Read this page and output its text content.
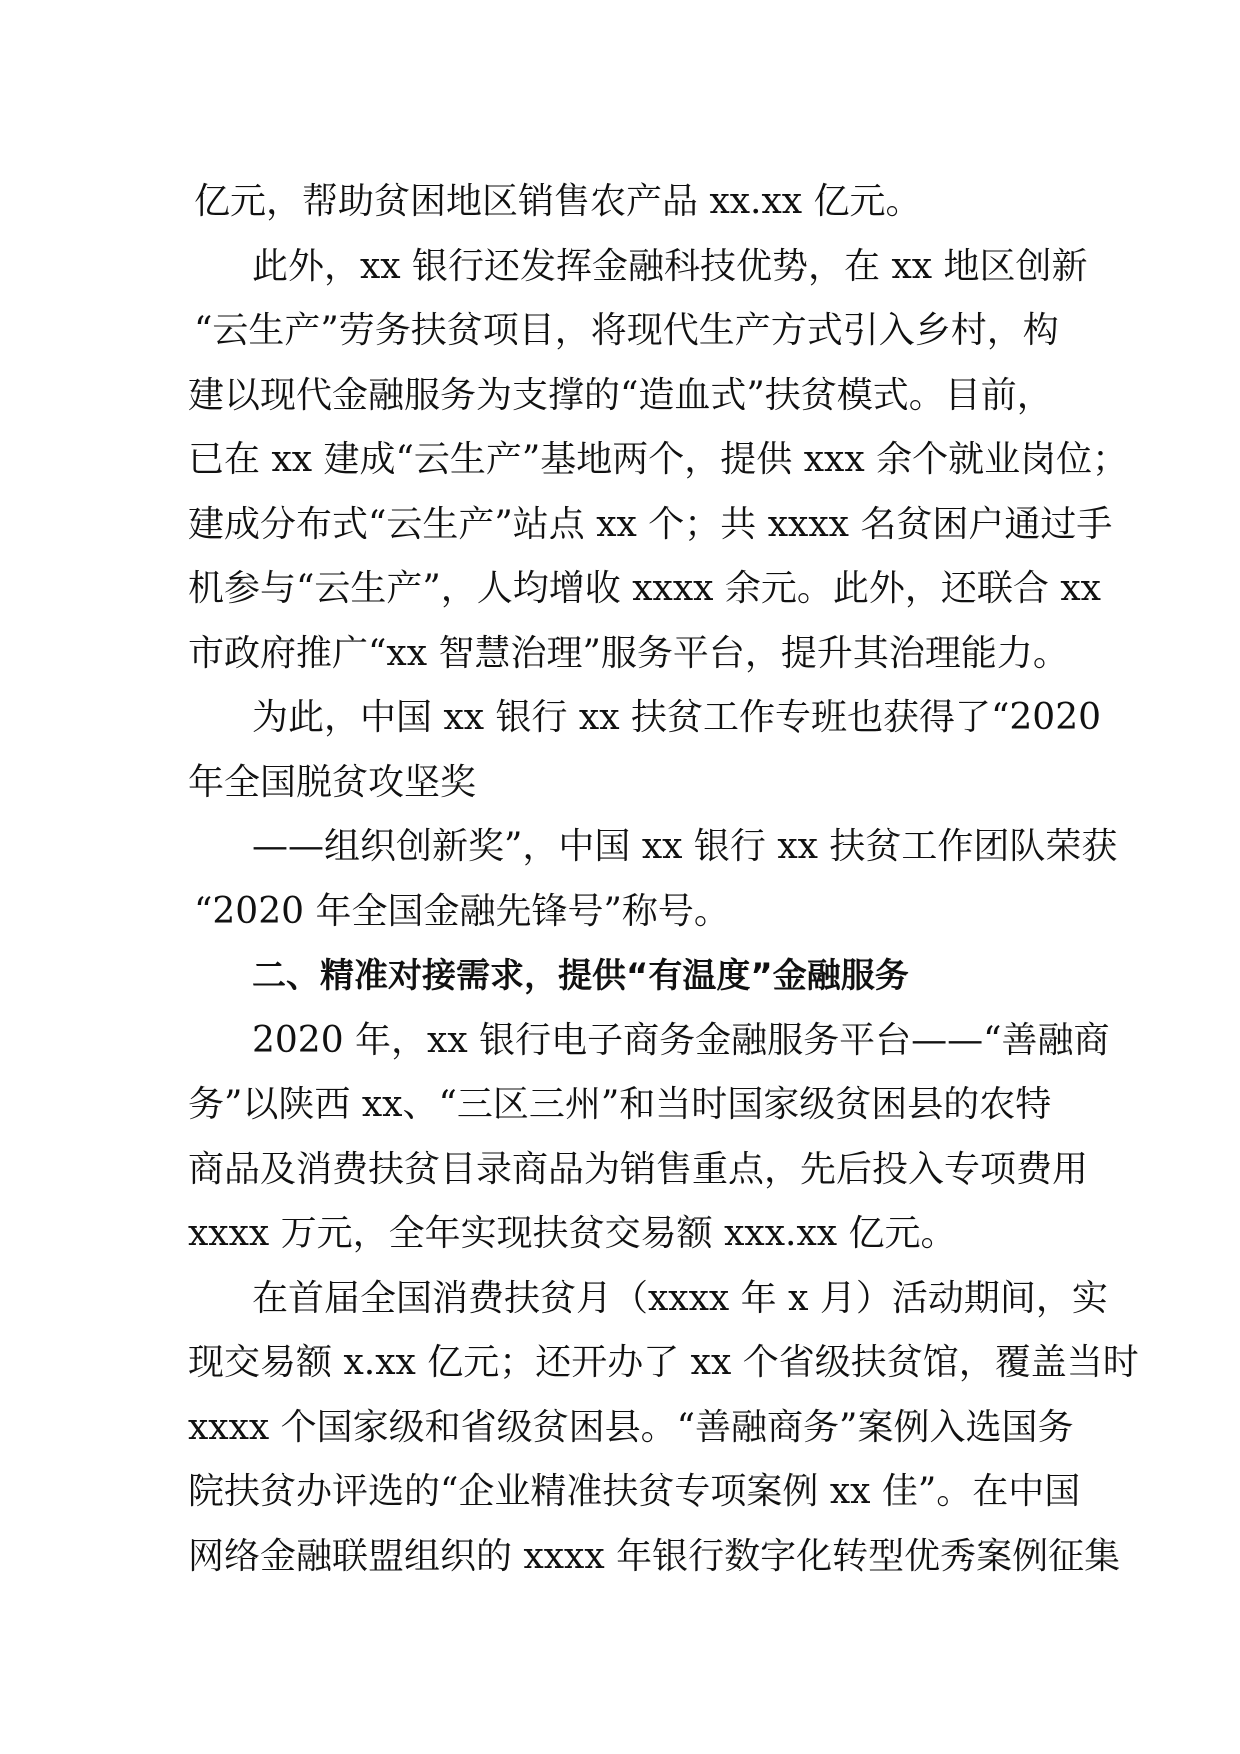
亿元，帮助贫困地区销售农产品 xx.xx 亿元。
此外，xx 银行还发挥金融科技优势，在 xx 地区创新
“云生产”劳务扶贫项目，将现代生产方式引入乡村，构
建以现代金融服务为支撑的“造血式”扶贫模式。目前，
已在 xx 建成“云生产”基地两个，提供 xxx 余个就业岗位；
建成分布式“云生产”站点 xx 个；共 xxxx 名贫困户通过手
机参与“云生产”，人均增收 xxxx 余元。此外，还联合 xx
市政府推广“xx 智慧治理”服务平台，提升其治理能力。
为此，中国 xx 银行 xx 扶贫工作专班也获得了“2020
年全国脱贫攻坚奖
——组织创新奖”，中国 xx 银行 xx 扶贫工作团队荣获
“2020 年全国金融先锋号”称号。
二、精准对接需求，提供“有温度”金融服务
2020 年，xx 银行电子商务金融服务平台——“善融商
务”以陕西 xx、“三区三州”和当时国家级贫困县的农特
商品及消费扶贫目录商品为销售重点，先后投入专项费用
xxxx 万元，全年实现扶贫交易额 xxx.xx 亿元。
在首届全国消费扶贫月（xxxx 年 x 月）活动期间，实
现交易额 x.xx 亿元；还开办了 xx 个省级扶贫馆，覆盖当时
xxxx 个国家级和省级贫困县。“善融商务”案例入选国务
院扶贫办评选的“企业精准扶贫专项案例 xx 佳”。在中国
网络金融联盟组织的 xxxx 年银行数字化转型优秀案例征集
